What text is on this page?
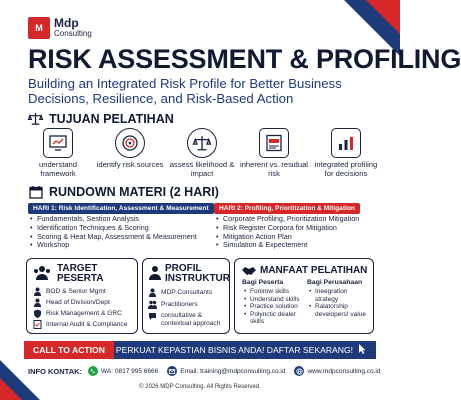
M Mdp
Consulting
RISK ASSESSMENT & PROFILING
Building an Integrated Risk Profile for Better Business Decisions, Resilience, and Risk-Based Action
TUJUAN PELATIHAN
understand framework
identify risk sources assess likelihood & impact
inherent vs. residual risk
integrated profiling for decisions
RUNDOWN MATERI (2 HARI)
HARI 1: Risk Identification, Assessment & Measurement	HARI 2: Profiling, Prioritization & Mitigation
• Fundamentals, Sestion Analysis
• Identification Techniques & Scoring
• Scoring & Heat Map, Assessment & Measurement
• Workshop
• Corporate Profiling, Prioritization Mitigation
• Risk Register Corpora for Mitigation
• Mitigation Action Plan
• Simulation & Expectement
TARGET
PESERTA
BOD & Senior Mgmt
Head of Division/Dept
Risk Management & GRC
Internal Audit & Compliance
PROFIL
INSTRUKTUR
MDP Consultants
Practitioners
consultative & contextual approach
MANFAAT PELATIHAN
Bagi Peserta
• Fonirow skills
• Understand skills
• Practice solution
• Polynctic dealer skills
Bagi Perusahaan
• Ineegration strategy
• Ralatorship developers! value
CALL TO ACTION	PERKUAT KEPASTIAN BISNIS ANDA! DAFTAR SEKARANG!
INFO KONTAK:	WA: 0817 995 6666	Email: training@mdpconsulting.co.id	www.mdpconsulting.co.id
© 2026 MDP Consulting. All Rights Reserved.
